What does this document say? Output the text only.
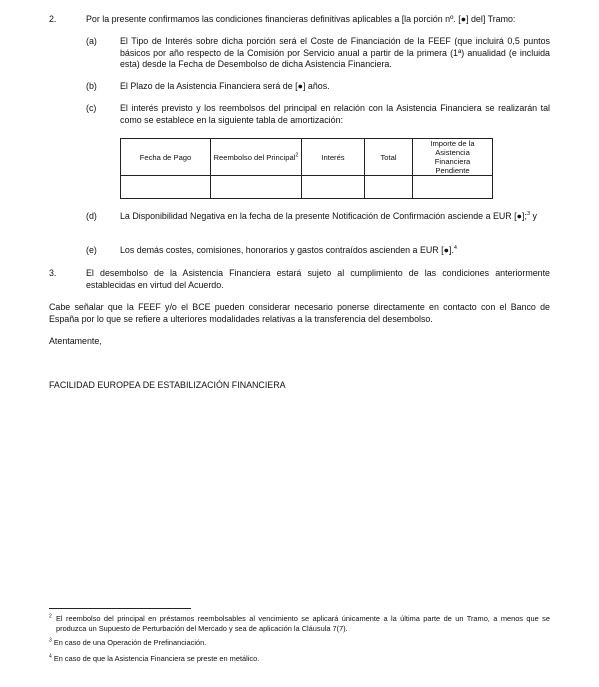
2.	Por la presente confirmamos las condiciones financieras definitivas aplicables a [la porción nº. [●] del] Tramo:
(a)	El Tipo de Interés sobre dicha porción será el Coste de Financiación de la FEEF (que incluirá 0,5 puntos básicos por año respecto de la Comisión por Servicio anual a partir de la primera (1ª) anualidad (e incluida esta) desde la Fecha de Desembolso de dicha Asistencia Financiera.
(b)	El Plazo de la Asistencia Financiera será de [●] años.
(c)	El interés previsto y los reembolsos del principal en relación con la Asistencia Financiera se realizarán tal como se establece en la siguiente tabla de amortización:
Fecha de Pago	Reembolso del Principal$^2$	Interés	Total	Importe de la Asistencia Financiera Pendiente

(d)	La Disponibilidad Negativa en la fecha de la presente Notificación de Confirmación asciende a EUR [●];$^3$ y
(e)	Los demás costes, comisiones, honorarios y gastos contraídos ascienden a EUR [●].$^4$
3.	El desembolso de la Asistencia Financiera estará sujeto al cumplimiento de las condiciones anteriormente establecidas en virtud del Acuerdo.
Cabe señalar que la FEEF y/o el BCE pueden considerar necesario ponerse directamente en contacto con el Banco de España por lo que se refiere a ulteriores modalidades relativas a la transferencia del desembolso.
Atentamente,
FACILIDAD EUROPEA DE ESTABILIZACIÓN FINANCIERA
$^2$ El reembolso del principal en préstamos reembolsables al vencimiento se aplicará únicamente a la última parte de un Tramo, a menos que se produzca un Supuesto de Perturbación del Mercado y sea de aplicación la Cláusula 7(7).
$^3$ En caso de una Operación de Prefinanciación.
$^4$ En caso de que la Asistencia Financiera se preste en metálico.
